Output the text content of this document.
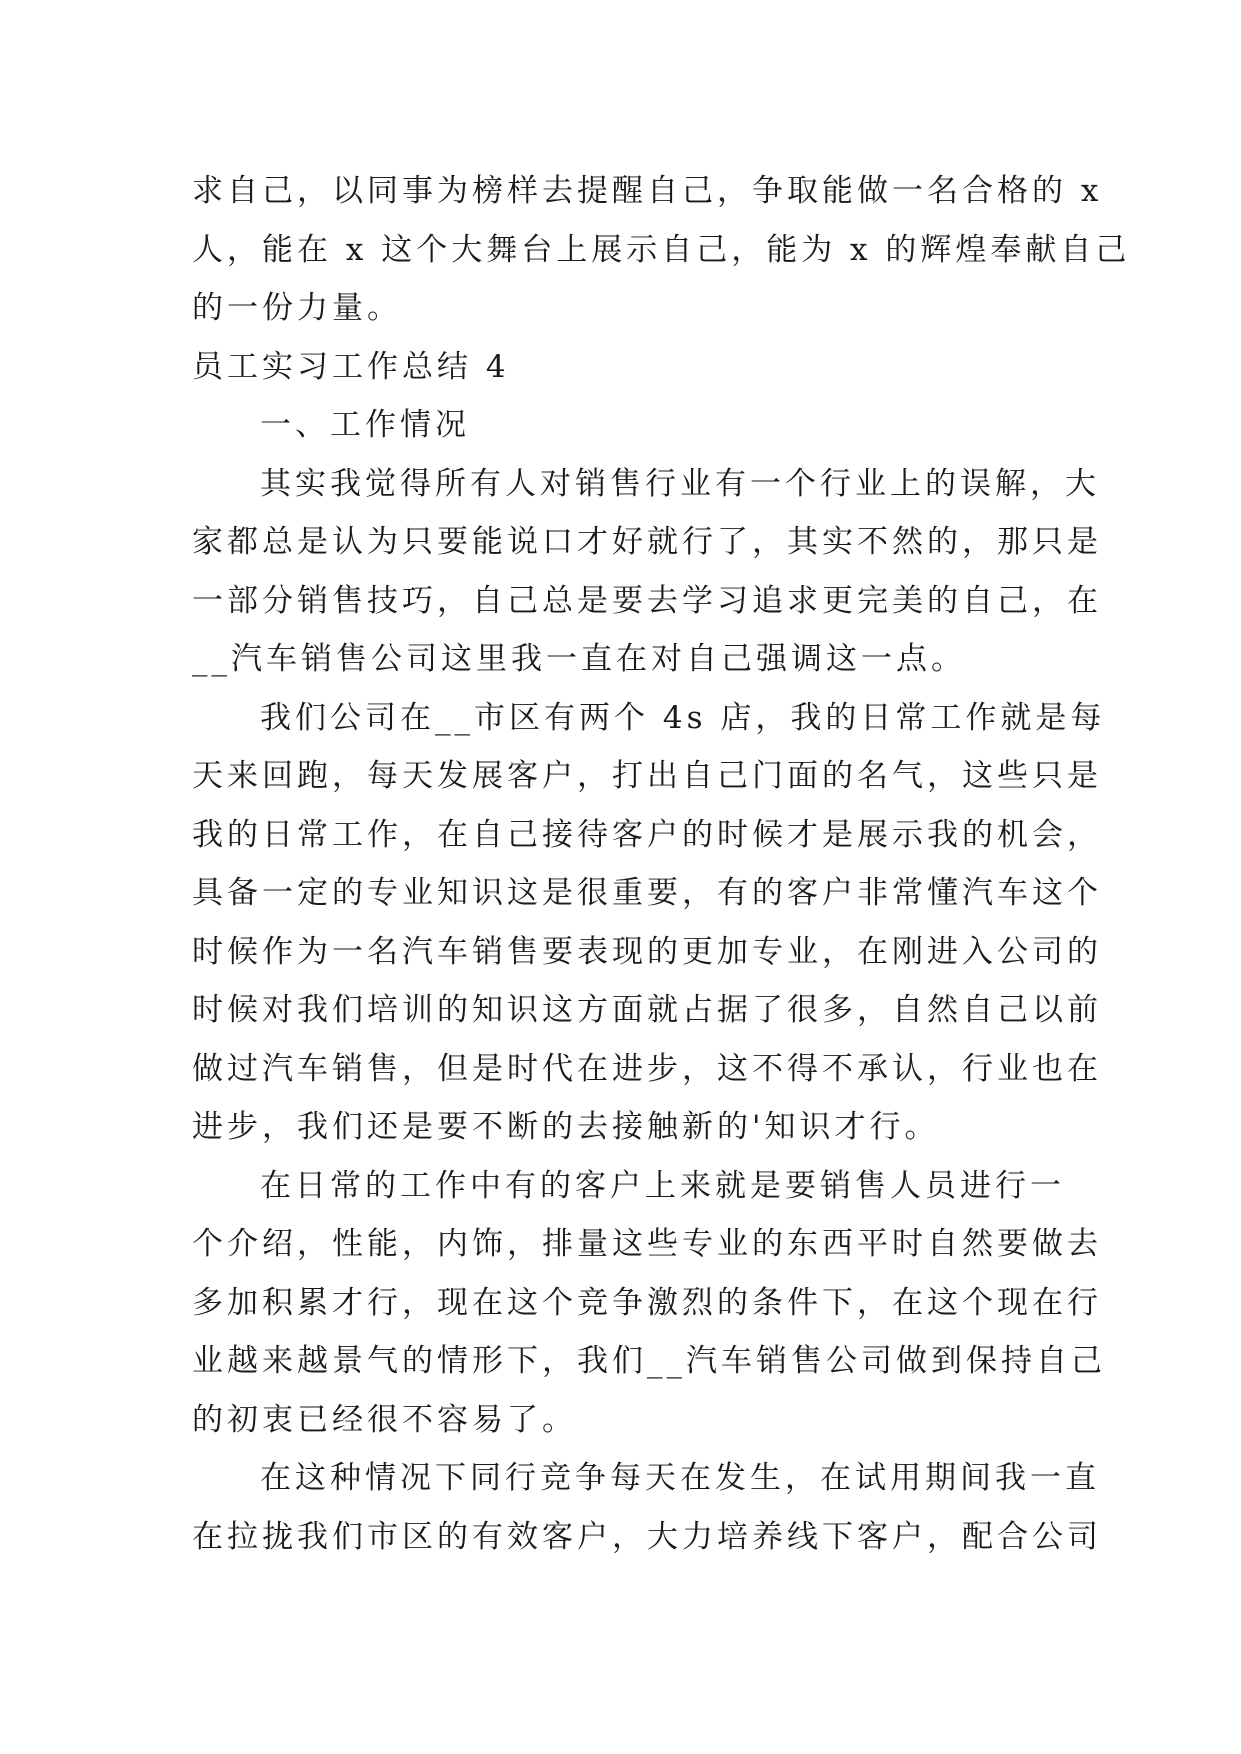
求自己，以同事为榜样去提醒自己，争取能做一名合格的 x
人，能在 x 这个大舞台上展示自己，能为 x 的辉煌奉献自己
的一份力量。
员工实习工作总结 4
一、工作情况
其实我觉得所有人对销售行业有一个行业上的误解，大
家都总是认为只要能说口才好就行了，其实不然的，那只是
一部分销售技巧，自己总是要去学习追求更完美的自己，在
__汽车销售公司这里我一直在对自己强调这一点。
我们公司在__市区有两个 4s 店，我的日常工作就是每
天来回跑，每天发展客户，打出自己门面的名气，这些只是
我的日常工作，在自己接待客户的时候才是展示我的机会，
具备一定的专业知识这是很重要，有的客户非常懂汽车这个
时候作为一名汽车销售要表现的更加专业，在刚进入公司的
时候对我们培训的知识这方面就占据了很多，自然自己以前
做过汽车销售，但是时代在进步，这不得不承认，行业也在
进步，我们还是要不断的去接触新的'知识才行。
在日常的工作中有的客户上来就是要销售人员进行一
个介绍，性能，内饰，排量这些专业的东西平时自然要做去
多加积累才行，现在这个竞争激烈的条件下，在这个现在行
业越来越景气的情形下，我们__汽车销售公司做到保持自己
的初衷已经很不容易了。
在这种情况下同行竞争每天在发生，在试用期间我一直
在拉拢我们市区的有效客户，大力培养线下客户，配合公司
